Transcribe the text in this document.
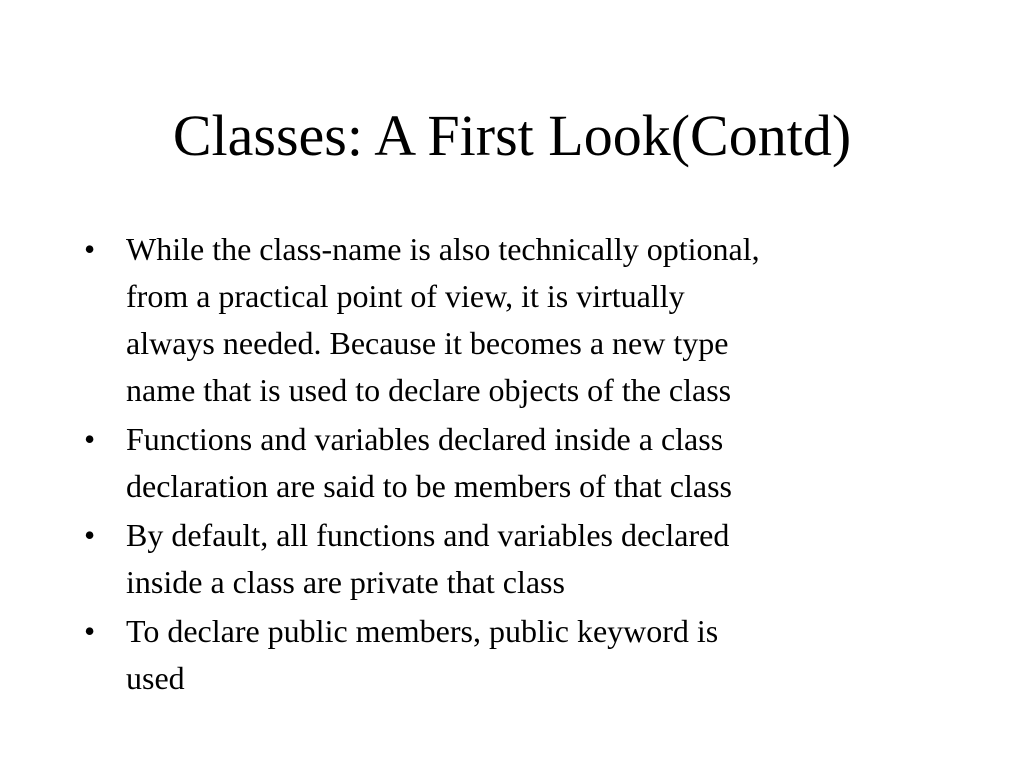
Classes: A First Look(Contd)
• While the class-name is also technically optional,
from a practical point of view, it is virtually
always needed. Because it becomes a new type
name that is used to declare objects of the class
• Functions and variables declared inside a class
declaration are said to be members of that class
• By default, all functions and variables declared
inside a class are private that class
• To declare public members, public keyword is
used
